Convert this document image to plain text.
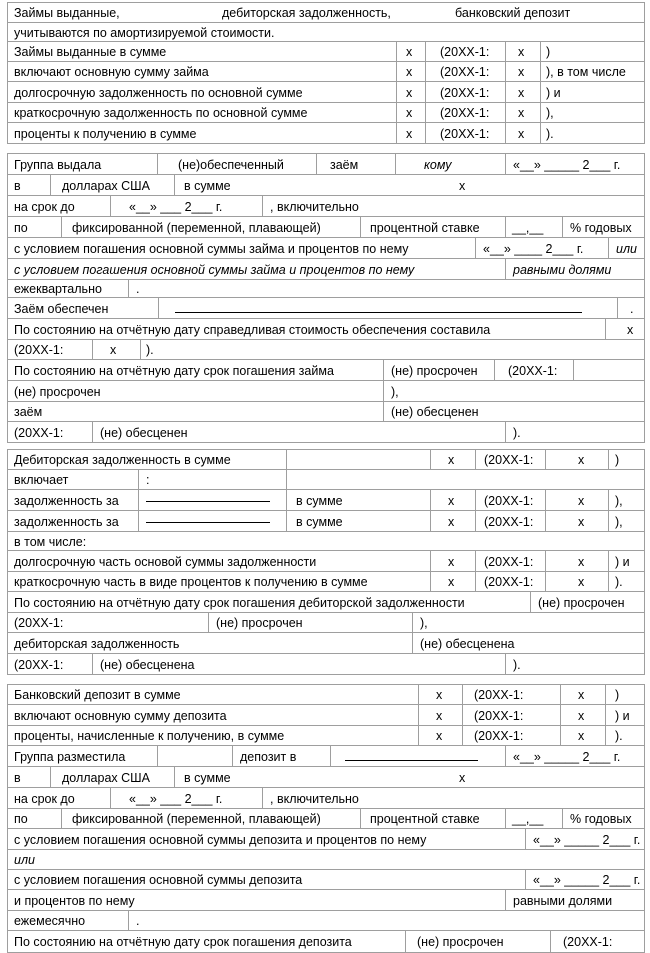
Займы выданные,	дебиторская задолженность,	банковский депозит
учитываются по амортизируемой стоимости.
Займы выданные в сумме	х (20ХХ-1: х )
включают основную сумму займа	х (20ХХ-1: х ), в том числе
долгосрочную задолженность по основной сумме	х (20ХХ-1: х ) и
краткосрочную задолженность по основной сумме	х (20ХХ-1: х ),
проценты к получению в сумме	х (20ХХ-1: х ).
Группа выдала	(не)обеспеченный	заём	кому	«__» _____ 2___ г.
в	долларах США	в сумме	х
на срок до	«__» ___ 2___ г.	, включительно
по	фиксированной (переменной, плавающей)	процентной ставке	__,__ % годовых
с условием погашения основной суммы займа и процентов по нему	«__» ____ 2___ г.	или
с условием погашения основной суммы займа и процентов по нему	равными долями
ежеквартально	.
Заём обеспечен	.
По состоянию на отчётную дату справедливая стоимость обеспечения составила	х
(20ХХ-1:	х ).
По состоянию на отчётную дату срок погашения займа	(не) просрочен (20ХХ-1:
(не) просрочен	),
заём	(не) обесценен
(20ХХ-1:	(не) обесценен	).
Дебиторская задолженность в сумме	х (20ХХ-1:	х )
включает	:
задолженность за	в сумме	х (20ХХ-1:	х ),
задолженность за	в сумме	х (20ХХ-1:	х ),
в том числе:
долгосрочную часть основой суммы задолженности	х (20ХХ-1:	х ) и
краткосрочную часть в виде процентов к получению в сумме	х (20ХХ-1:	х ).
По состоянию на отчётную дату срок погашения дебиторской задолженности	(не) просрочен
(20ХХ-1:	(не) просрочен	),
дебиторская задолженность	(не) обесценена
(20ХХ-1:	(не) обесценена	).
Банковский депозит в сумме	х	(20ХХ-1:	х )
включают основную сумму депозита	х	(20ХХ-1:	х ) и
проценты, начисленные к получению, в сумме	х	(20ХХ-1:	х ).
Группа разместила	депозит в	«__» _____ 2___ г.
в	долларах США	в сумме	х
на срок до	«__» ___ 2___ г.	, включительно
по	фиксированной (переменной, плавающей)	процентной ставке	__,__ % годовых
с условием погашения основной суммы депозита и процентов по нему	«__» _____ 2___ г.
или
с условием погашения основной суммы депозита	«__» _____ 2___ г.
и процентов по нему	равными долями
ежемесячно	.
По состоянию на отчётную дату срок погашения депозита	(не) просрочен	(20ХХ-1:
